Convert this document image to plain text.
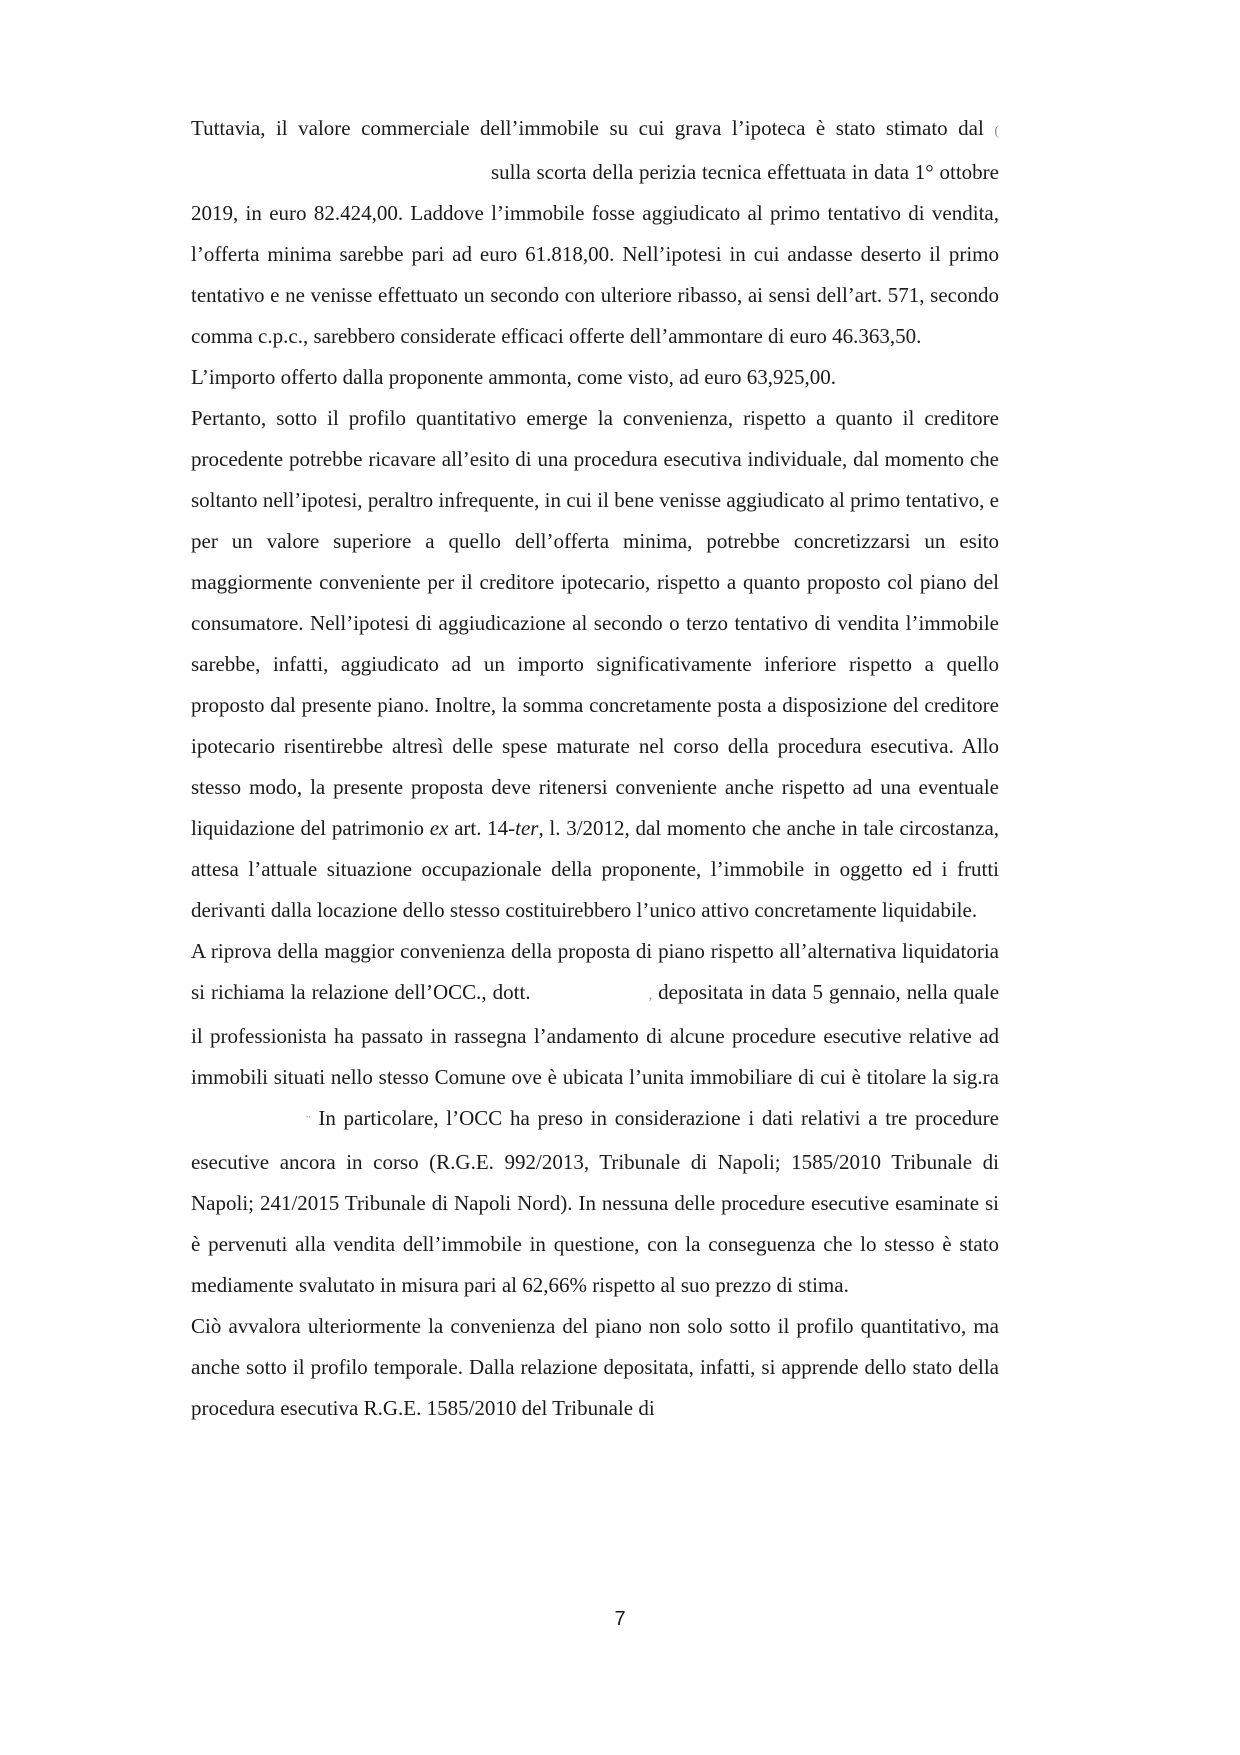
Tuttavia, il valore commerciale dell’immobile su cui grava l’ipoteca è stato stimato dal (sulla scorta della perizia tecnica effettuata in data 1° ottobre 2019, in euro 82.424,00. Laddove l’immobile fosse aggiudicato al primo tentativo di vendita, l’offerta minima sarebbe pari ad euro 61.818,00. Nell’ipotesi in cui andasse deserto il primo tentativo e ne venisse effettuato un secondo con ulteriore ribasso, ai sensi dell’art. 571, secondo comma c.p.c., sarebbero considerate efficaci offerte dell’ammontare di euro 46.363,50.

L’importo offerto dalla proponente ammonta, come visto, ad euro 63,925,00.

Pertanto, sotto il profilo quantitativo emerge la convenienza, rispetto a quanto il creditore procedente potrebbe ricavare all’esito di una procedura esecutiva individuale, dal momento che soltanto nell’ipotesi, peraltro infrequente, in cui il bene venisse aggiudicato al primo tentativo, e per un valore superiore a quello dell’offerta minima, potrebbe concretizzarsi un esito maggiormente conveniente per il creditore ipotecario, rispetto a quanto proposto col piano del consumatore. Nell’ipotesi di aggiudicazione al secondo o terzo tentativo di vendita l’immobile sarebbe, infatti, aggiudicato ad un importo significativamente inferiore rispetto a quello proposto dal presente piano. Inoltre, la somma concretamente posta a disposizione del creditore ipotecario risentirebbe altresì delle spese maturate nel corso della procedura esecutiva. Allo stesso modo, la presente proposta deve ritenersi conveniente anche rispetto ad una eventuale liquidazione del patrimonio ex art. 14-ter, l. 3/2012, dal momento che anche in tale circostanza, attesa l’attuale situazione occupazionale della proponente, l’immobile in oggetto ed i frutti derivanti dalla locazione dello stesso costituirebbero l’unico attivo concretamente liquidabile.

A riprova della maggior convenienza della proposta di piano rispetto all’alternativa liquidatoria si richiama la relazione dell’OCC., dott.	, depositata in data 5 gennaio, nella quale il professionista ha passato in rassegna l’andamento di alcune procedure esecutive relative ad immobili situati nello stesso Comune ove è ubicata l’unita immobiliare di cui è titolare la sig.ra¨ In particolare, l’OCC ha preso in considerazione i dati relativi a tre procedure esecutive ancora in corso (R.G.E. 992/2013, Tribunale di Napoli; 1585/2010 Tribunale di Napoli; 241/2015 Tribunale di Napoli Nord). In nessuna delle procedure esecutive esaminate si è pervenuti alla vendita dell’immobile in questione, con la conseguenza che lo stesso è stato mediamente svalutato in misura pari al 62,66% rispetto al suo prezzo di stima.

Ciò avvalora ulteriormente la convenienza del piano non solo sotto il profilo quantitativo, ma anche sotto il profilo temporale. Dalla relazione depositata, infatti, si apprende dello stato della procedura esecutiva R.G.E. 1585/2010 del Tribunale di

7
